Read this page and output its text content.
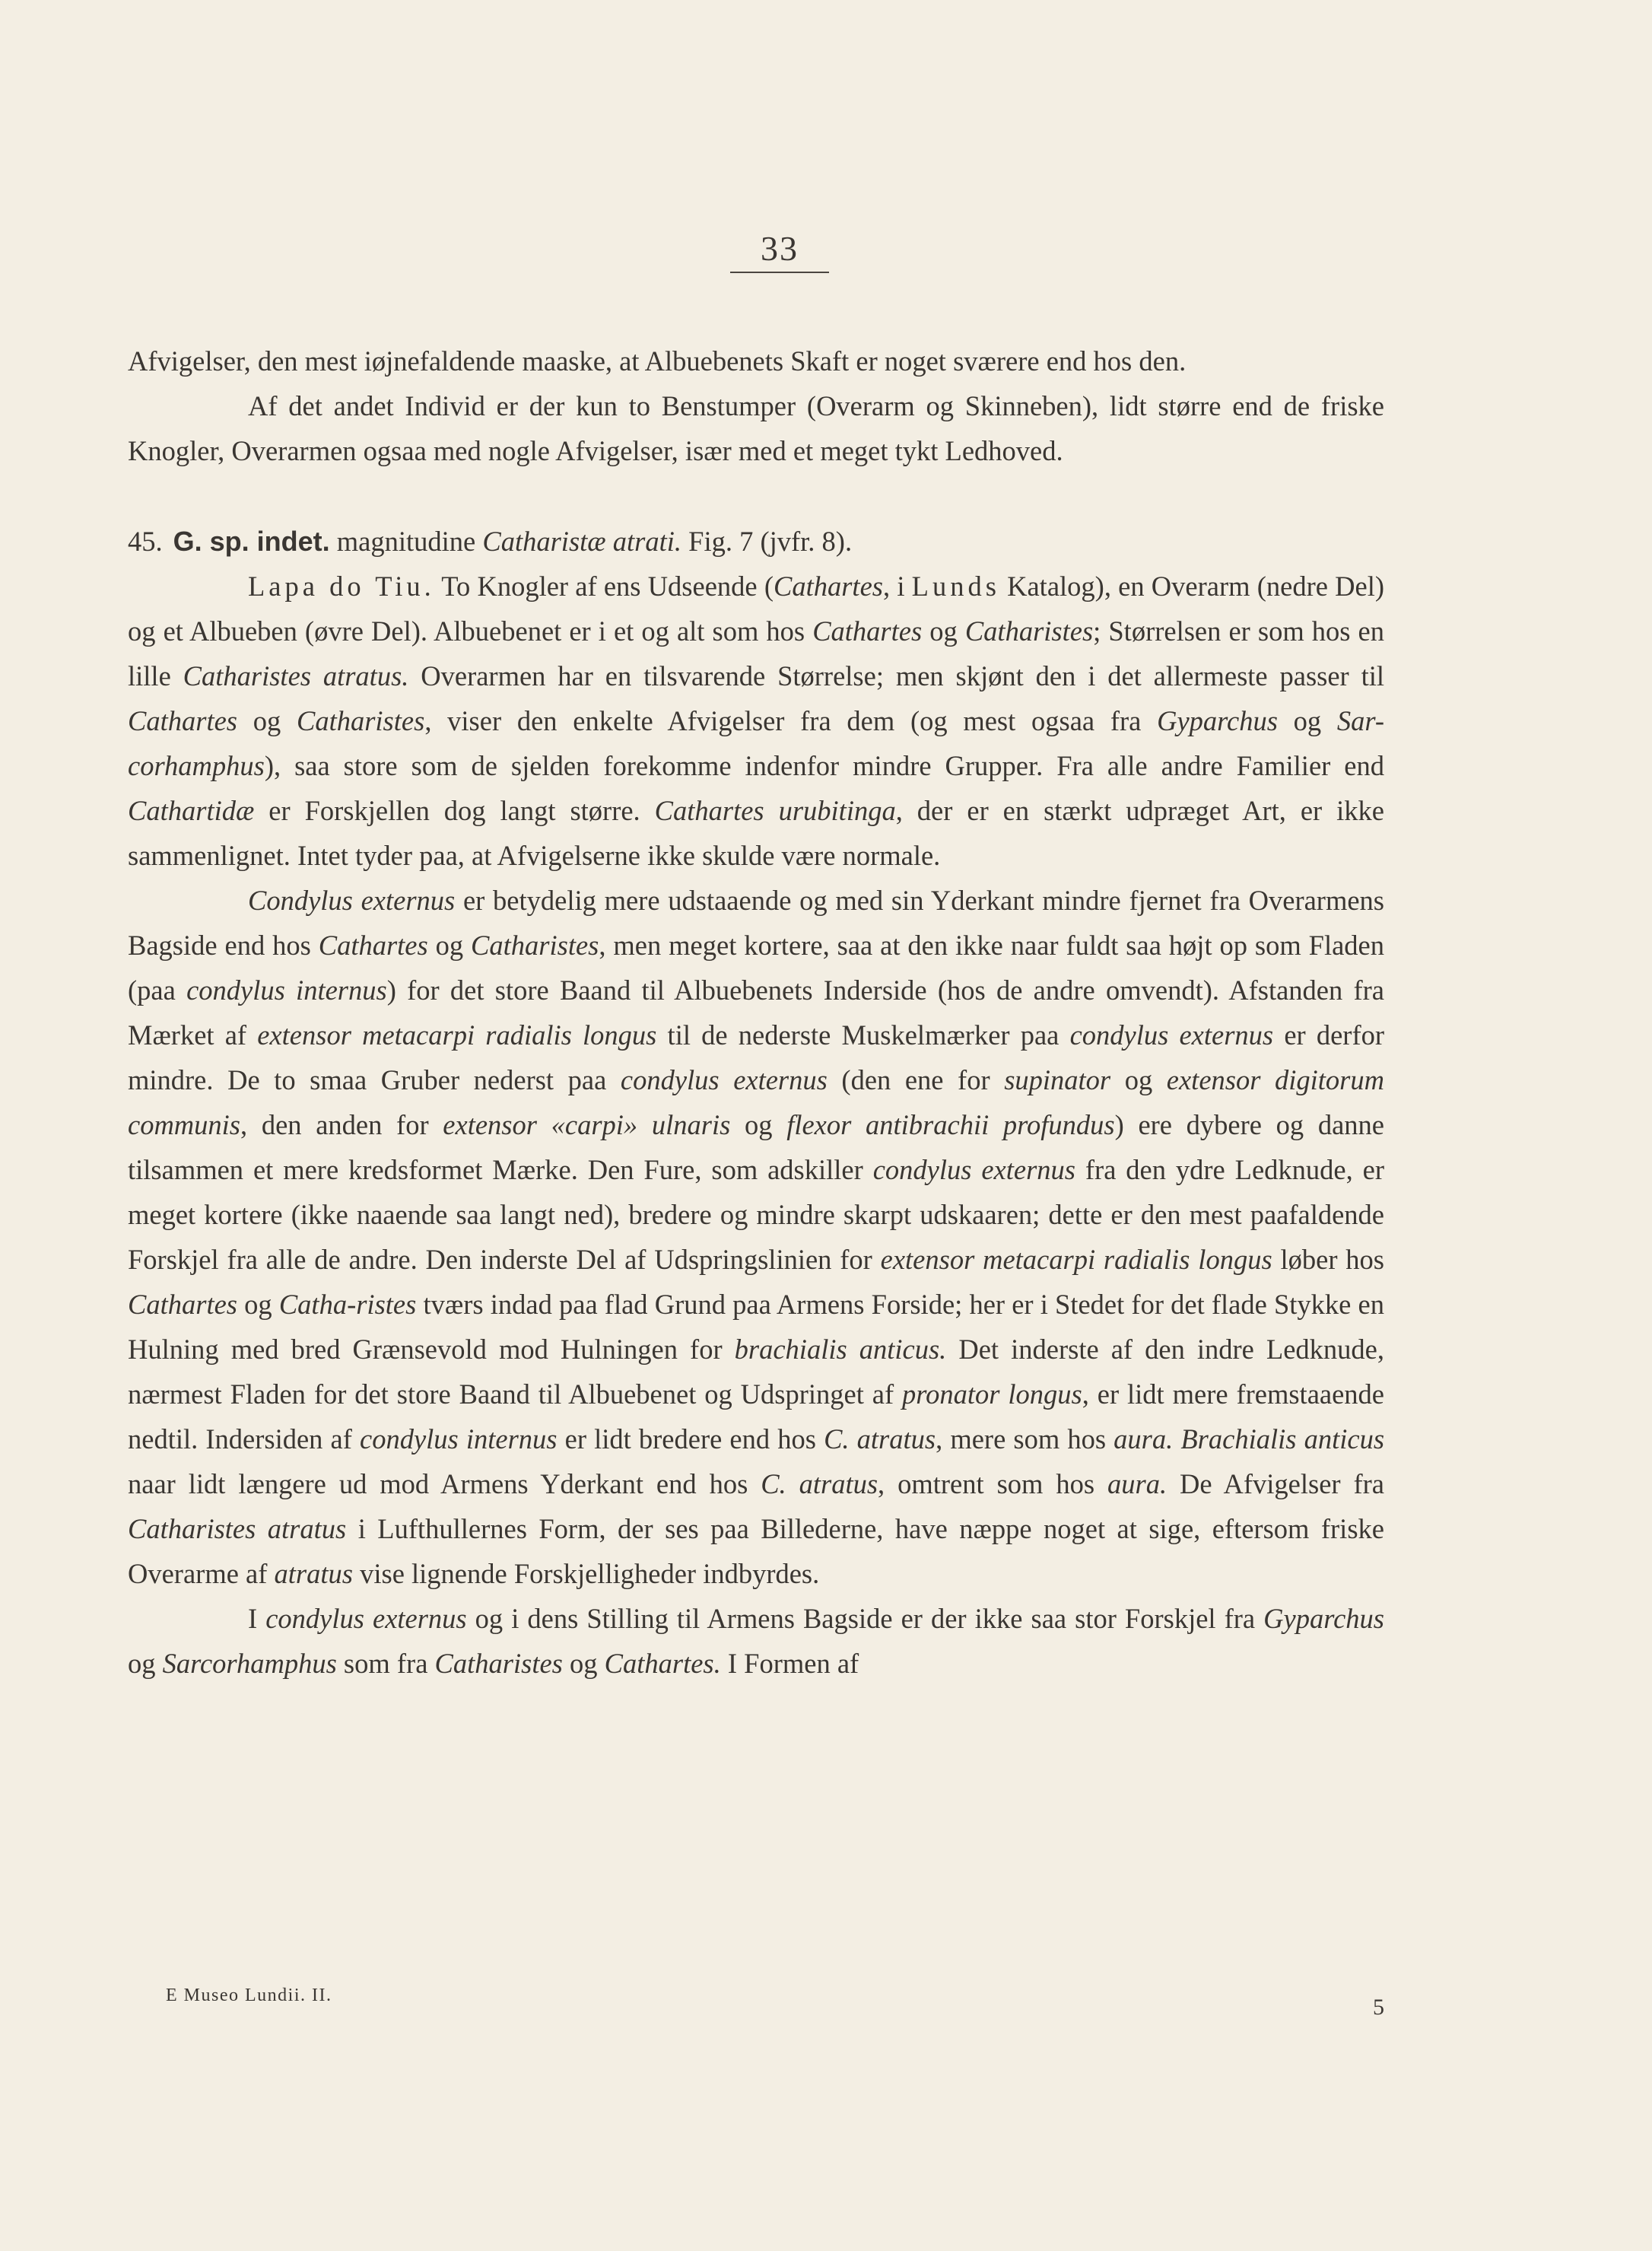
33

Afvigelser, den mest iøjnefaldende maaske, at Albuebenets Skaft er noget sværere end hos den.

Af det andet Individ er der kun to Benstumper (Overarm og Skinneben), lidt større end de friske Knogler, Overarmen ogsaa med nogle Afvigelser, især med et meget tykt Ledhoved.

45. G. sp. indet. magnitudine Catharistæ atrati. Fig. 7 (jvfr. 8).

Lapa do Tiu. To Knogler af ens Udseende (Cathartes, i Lunds Katalog), en Overarm (nedre Del) og et Albueben (øvre Del). Albuebenet er i et og alt som hos Cathartes og Catharistes; Størrelsen er som hos en lille Catharistes atratus. Overarmen har en tilsvarende Størrelse; men skjønt den i det allermeste passer til Cathartes og Catharistes, viser den enkelte Afvigelser fra dem (og mest ogsaa fra Gyparchus og Sar-corhamphus), saa store som de sjelden forekomme indenfor mindre Grupper. Fra alle andre Familier end Cathartidæ er Forskjellen dog langt større. Cathartes urubitinga, der er en stærkt udpræget Art, er ikke sammenlignet. Intet tyder paa, at Afvigelserne ikke skulde være normale.

Condylus externus er betydelig mere udstaaende og med sin Yderkant mindre fjernet fra Overarmens Bagside end hos Cathartes og Catharistes, men meget kortere, saa at den ikke naar fuldt saa højt op som Fladen (paa condylus internus) for det store Baand til Albuebenets Inderside (hos de andre omvendt). Afstanden fra Mærket af extensor metacarpi radialis longus til de nederste Muskelmærker paa condylus externus er derfor mindre. De to smaa Gruber nederst paa condylus externus (den ene for supinator og extensor digitorum communis, den anden for extensor «carpi» ulnaris og flexor antibrachii profundus) ere dybere og danne tilsammen et mere kredsformet Mærke. Den Fure, som adskiller condylus externus fra den ydre Ledknude, er meget kortere (ikke naaende saa langt ned), bredere og mindre skarpt udskaaren; dette er den mest paafaldende Forskjel fra alle de andre. Den inderste Del af Udspringslinien for extensor metacarpi radialis longus løber hos Cathartes og Catha-ristes tværs indad paa flad Grund paa Armens Forside; her er i Stedet for det flade Stykke en Hulning med bred Grænsevold mod Hulningen for brachialis anticus. Det inderste af den indre Ledknude, nærmest Fladen for det store Baand til Albuebenet og Udspringet af pronator longus, er lidt mere fremstaaende nedtil. Indersiden af condylus internus er lidt bredere end hos C. atratus, mere som hos aura. Brachialis anticus naar lidt længere ud mod Armens Yderkant end hos C. atratus, omtrent som hos aura. De Afvigelser fra Catharistes atratus i Lufthullernes Form, der ses paa Billederne, have næppe noget at sige, eftersom friske Overarme af atratus vise lignende Forskjelligheder indbyrdes.

I condylus externus og i dens Stilling til Armens Bagside er der ikke saa stor Forskjel fra Gyparchus og Sarcorhamphus som fra Catharistes og Cathartes. I Formen af

E Museo Lundii. II.	5
